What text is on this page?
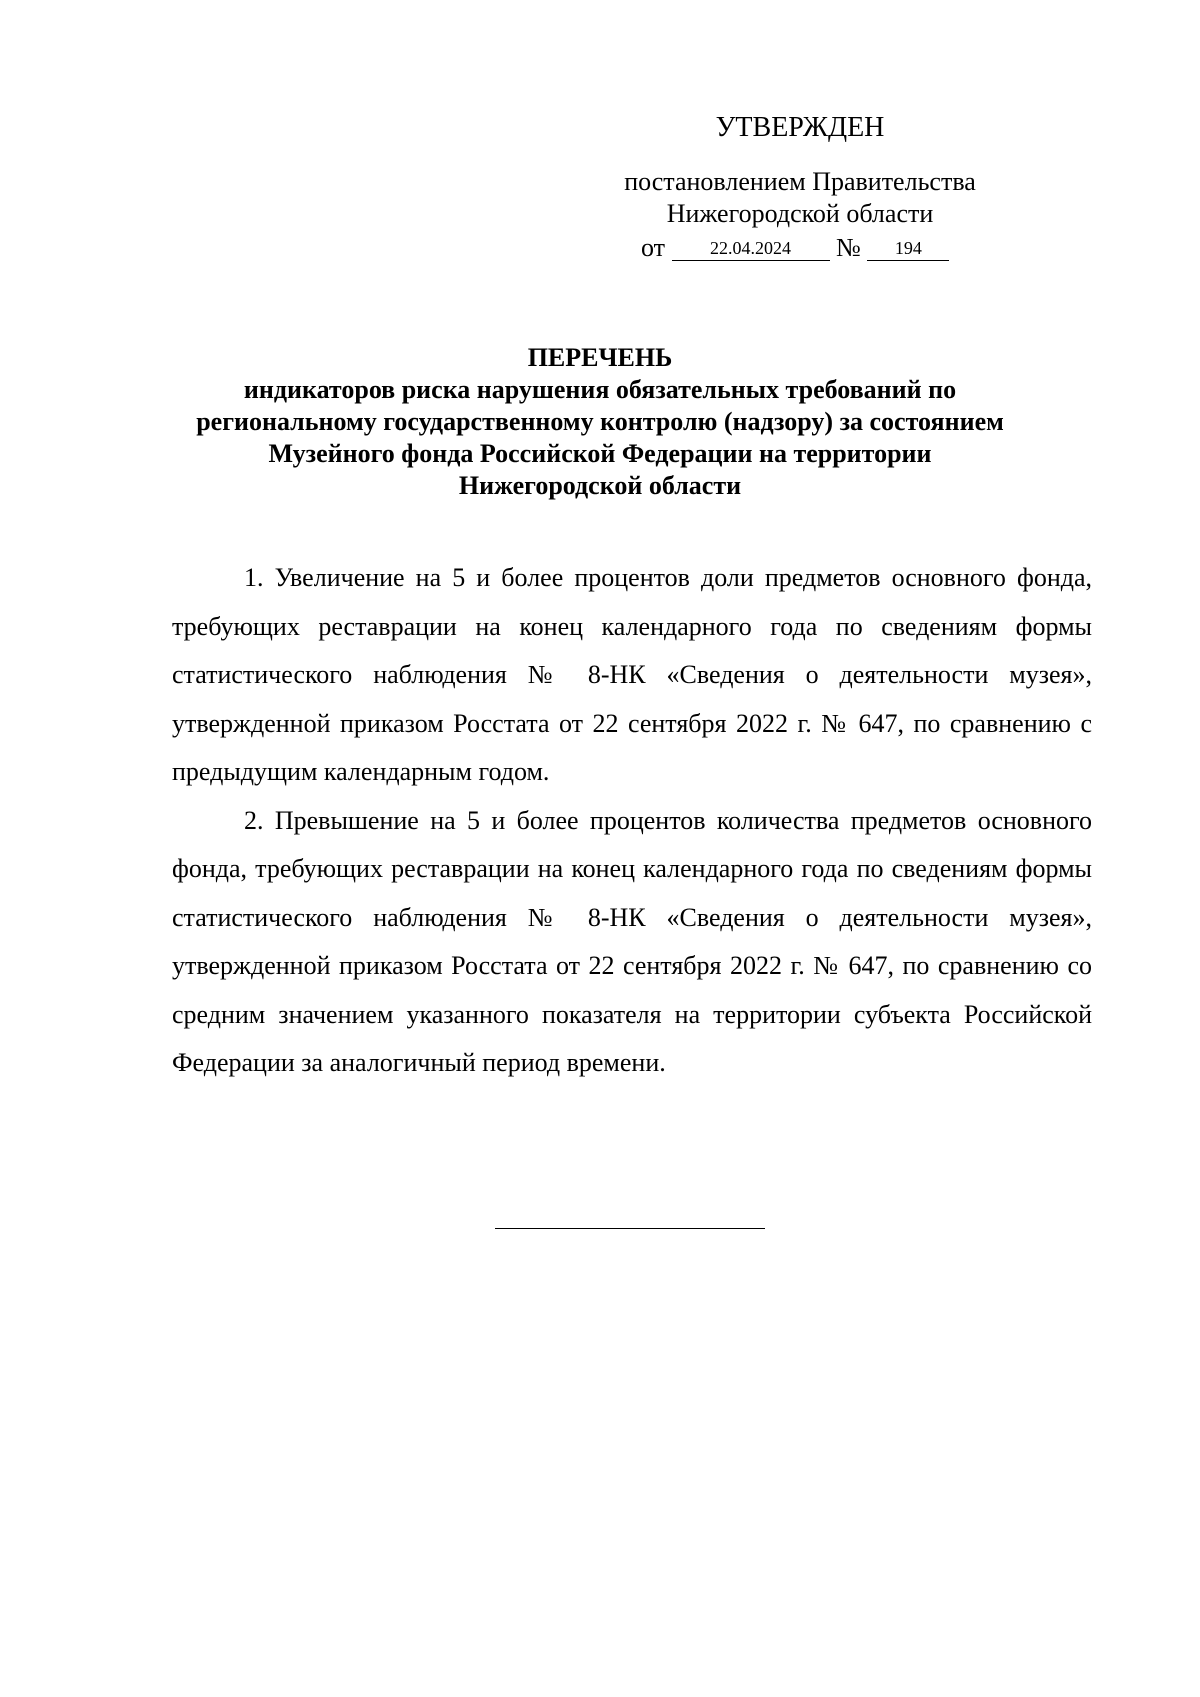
УТВЕРЖДЕН
постановлением Правительства
Нижегородской области
от	22.04.2024 № 194
ПЕРЕЧЕНЬ
индикаторов риска нарушения обязательных требований по
региональному государственному контролю (надзору) за состоянием
Музейного фонда Российской Федерации на территории
Нижегородской области

1. Увеличение на 5 и более процентов доли предметов основного фонда, требующих реставрации на конец календарного года по сведениям формы статистического наблюдения № 8-НК «Сведения о деятельности музея», утвержденной приказом Росстата от 22 сентября 2022 г. № 647, по сравнению с предыдущим календарным годом.

2. Превышение на 5 и более процентов количества предметов основного фонда, требующих реставрации на конец календарного года по сведениям формы статистического наблюдения № 8-НК «Сведения о деятельности музея», утвержденной приказом Росстата от 22 сентября 2022 г. № 647, по сравнению со средним значением указанного показателя на территории субъекта Российской Федерации за аналогичный период времени.
